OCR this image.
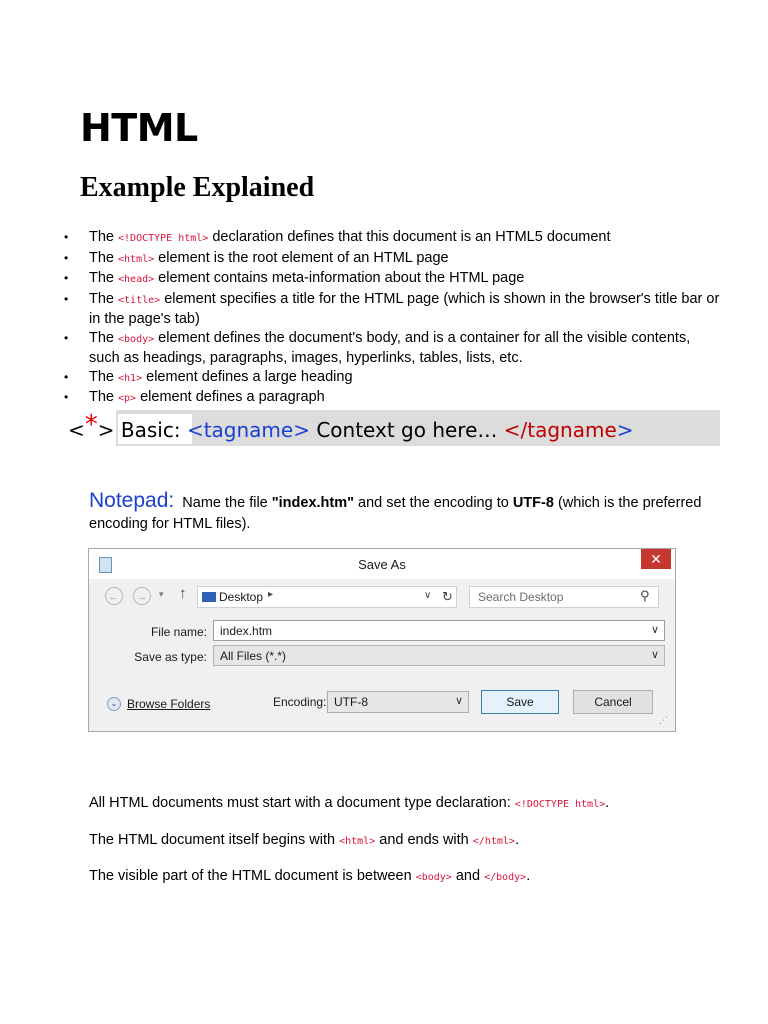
HTML
Example Explained
• The <!DOCTYPE html> declaration defines that this document is an HTML5 document
• The <html> element is the root element of an HTML page
• The <head> element contains meta-information about the HTML page
• The <title> element specifies a title for the HTML page (which is shown in the browser's title bar or in the page's tab)
• The <body> element defines the document's body, and is a container for all the visible contents, such as headings, paragraphs, images, hyperlinks, tables, lists, etc.
• The <h1> element defines a large heading
• The <p> element defines a paragraph
<*> Basic: <tagname> Context go here… </tagname>
Notepad: Name the file "index.htm" and set the encoding to UTF-8 (which is the preferred encoding for HTML files).
Save As	✕
←	→	▾ ↑	Desktop ▸	∨ ↻ Search Desktop	⚲
File name: index.htm	∨
Save as type: All Files (*.*)	∨
⌄ Browse Folders	Encoding: UTF-8	∨	Save	Cancel
⋰
All HTML documents must start with a document type declaration: <!DOCTYPE html>.
The HTML document itself begins with <html> and ends with </html>.
The visible part of the HTML document is between <body> and </body>.
